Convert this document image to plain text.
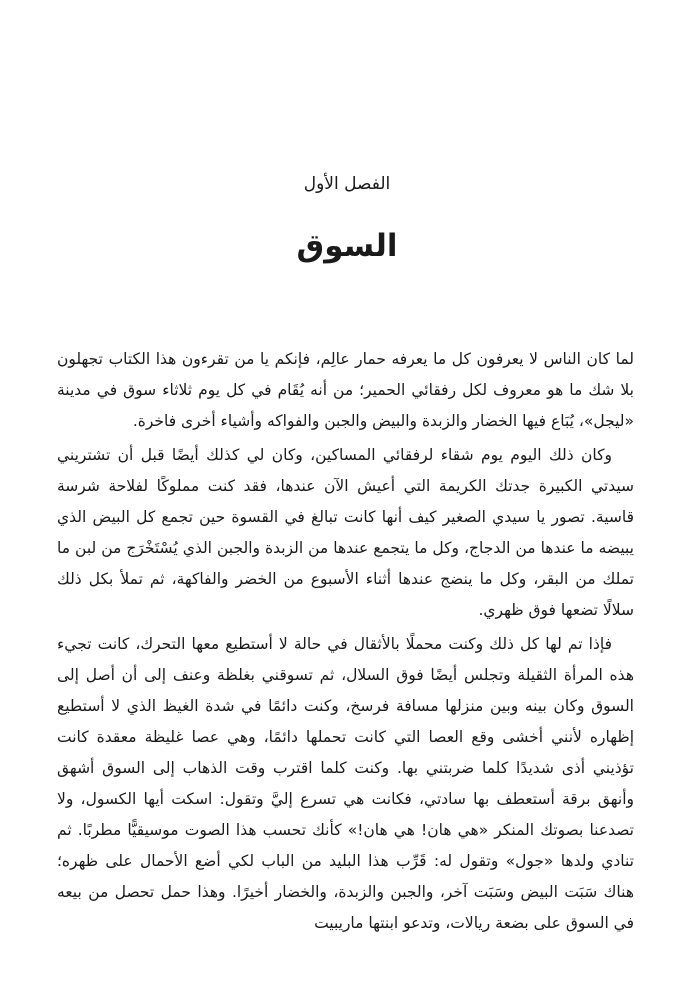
الفصل الأول
السوق

لما كان الناس لا يعرفون كل ما يعرفه حمار عالِم، فإنكم يا من تقرءون هذا الكتاب تجهلون بلا شك ما هو معروف لكل رفقائي الحمير؛ من أنه يُقَام في كل يوم ثلاثاء سوق في مدينة «ليجل»، يُبَاع فيها الخضار والزبدة والبيض والجبن والفواكه وأشياء أخرى فاخرة.

وكان ذلك اليوم يوم شقاء لرفقائي المساكين، وكان لي كذلك أيضًا قبل أن تشتريني سيدتي الكبيرة جدتك الكريمة التي أعيش الآن عندها، فقد كنت مملوكًا لفلاحة شرسة قاسية. تصور يا سيدي الصغير كيف أنها كانت تبالغ في القسوة حين تجمع كل البيض الذي يبيضه ما عندها من الدجاج، وكل ما يتجمع عندها من الزبدة والجبن الذي يُسْتَخْرَج من لبن ما تملك من البقر، وكل ما ينضج عندها أثناء الأسبوع من الخضر والفاكهة، ثم تملأ بكل ذلك سلالًا تضعها فوق ظهري.

فإذا تم لها كل ذلك وكنت محملًا بالأثقال في حالة لا أستطيع معها التحرك، كانت تجيء هذه المرأة الثقيلة وتجلس أيضًا فوق السلال، ثم تسوقني بغلظة وعنف إلى أن أصل إلى السوق وكان بينه وبين منزلها مسافة فرسخ، وكنت دائمًا في شدة الغيظ الذي لا أستطيع إظهاره لأنني أخشى وقع العصا التي كانت تحملها دائمًا، وهي عصا غليظة معقدة كانت تؤذيني أذى شديدًا كلما ضربتني بها. وكنت كلما اقترب وقت الذهاب إلى السوق أشهق وأنهق برقة أستعطف بها سادتي، فكانت هي تسرع إليَّ وتقول: اسكت أيها الكسول، ولا تصدعنا بصوتك المنكر «هي هان! هي هان!» كأنك تحسب هذا الصوت موسيقيًّا مطربًا. ثم تنادي ولدها «جول» وتقول له: قَرِّب هذا البليد من الباب لكي أضع الأحمال على ظهره؛ هناك سَبَت البيض وسَبَت آخر، والجبن والزبدة، والخضار أخيرًا. وهذا حمل تحصل من بيعه في السوق على بضعة ريالات، وتدعو ابنتها ماريبيت
